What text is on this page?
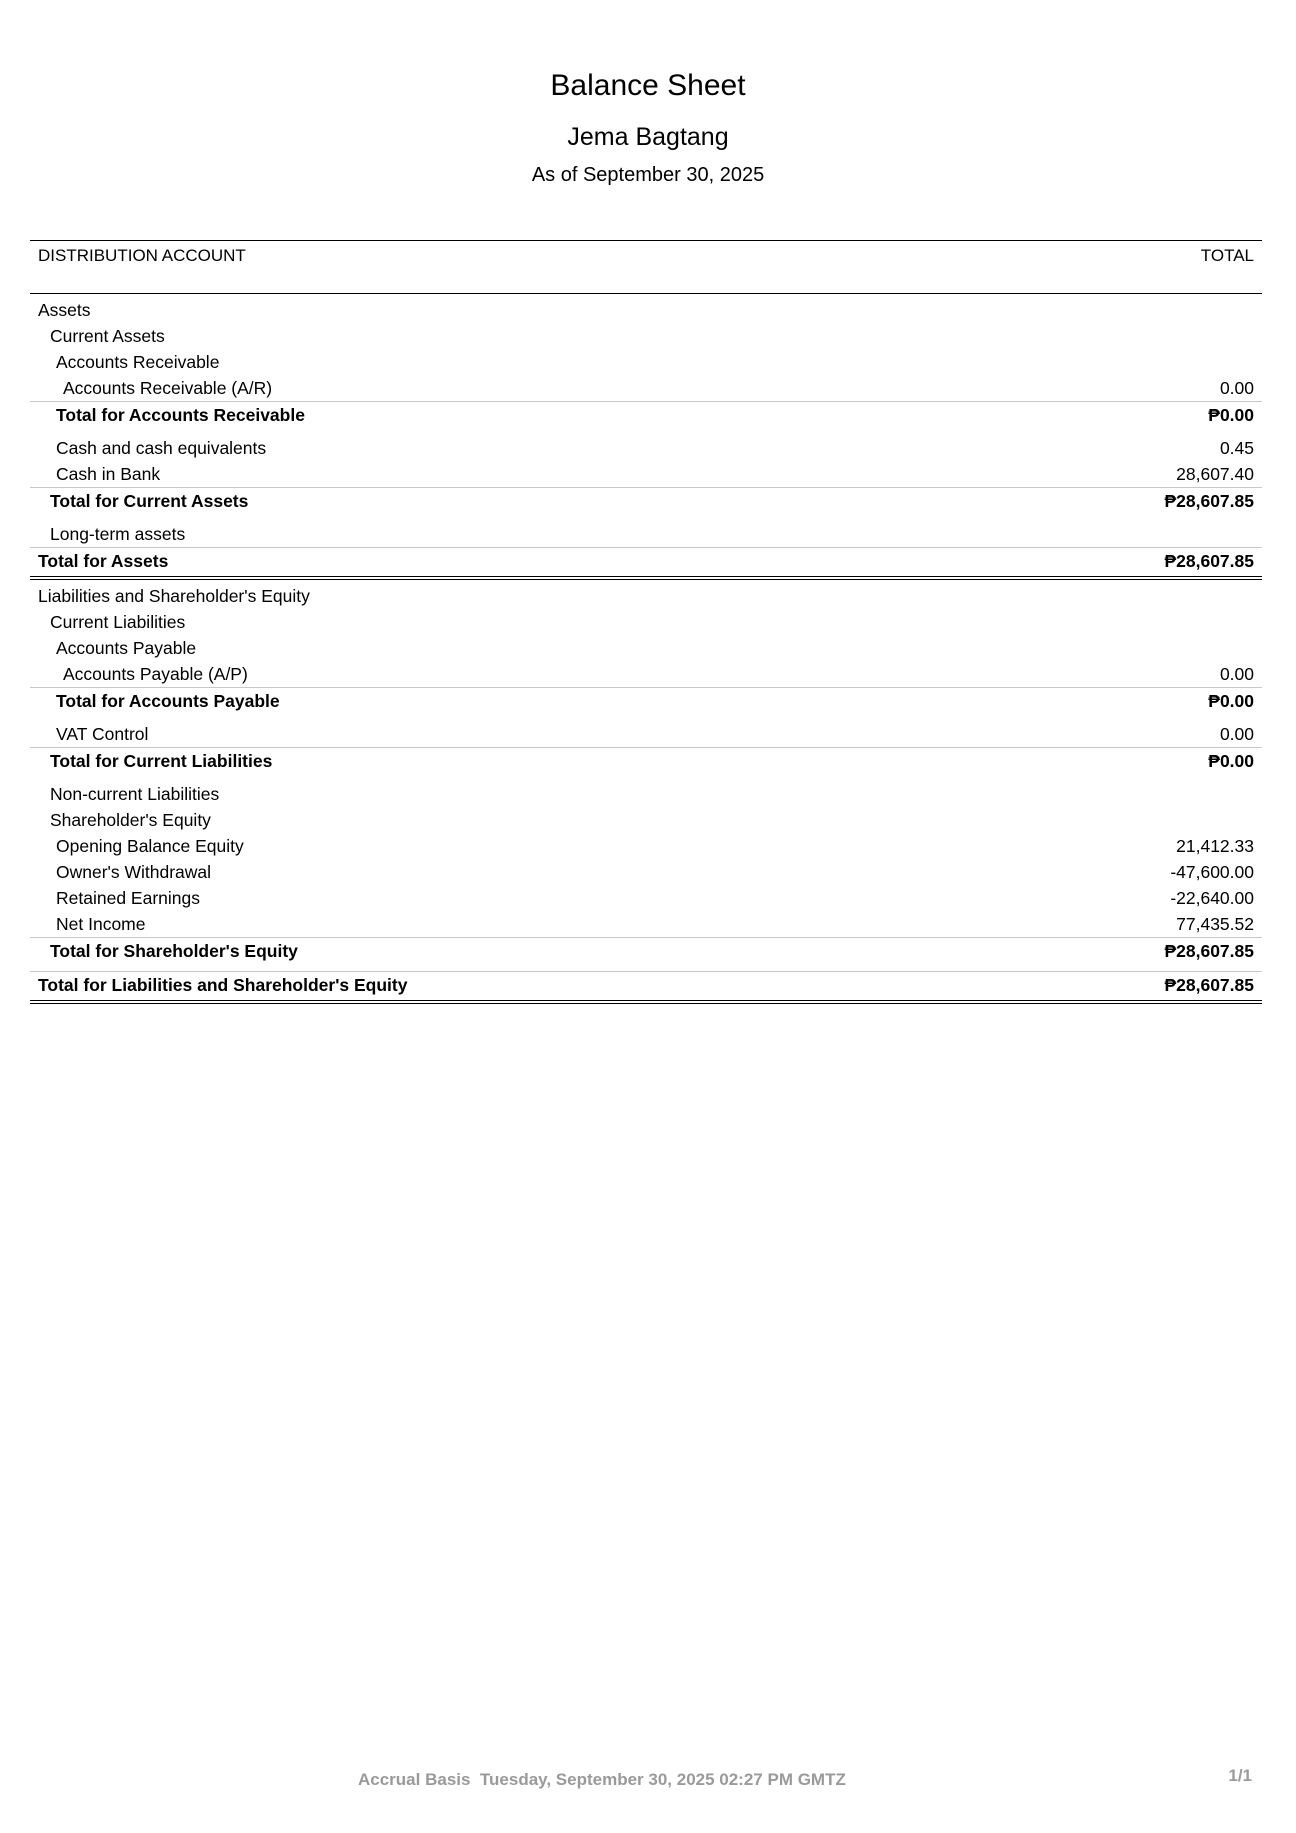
Balance Sheet
Jema Bagtang
As of September 30, 2025
DISTRIBUTION ACCOUNT	TOTAL
Assets
Current Assets
Accounts Receivable
Accounts Receivable (A/R)	0.00
Total for Accounts Receivable	₱0.00
Cash and cash equivalents	0.45
Cash in Bank	28,607.40
Total for Current Assets	₱28,607.85
Long-term assets
Total for Assets	₱28,607.85
Liabilities and Shareholder's Equity
Current Liabilities
Accounts Payable
Accounts Payable (A/P)	0.00
Total for Accounts Payable	₱0.00
VAT Control	0.00
Total for Current Liabilities	₱0.00
Non-current Liabilities
Shareholder's Equity
Opening Balance Equity	21,412.33
Owner's Withdrawal	-47,600.00
Retained Earnings	-22,640.00
Net Income	77,435.52
Total for Shareholder's Equity	₱28,607.85
Total for Liabilities and Shareholder's Equity	₱28,607.85
Accrual Basis  Tuesday, September 30, 2025 02:27 PM GMTZ	1/1
